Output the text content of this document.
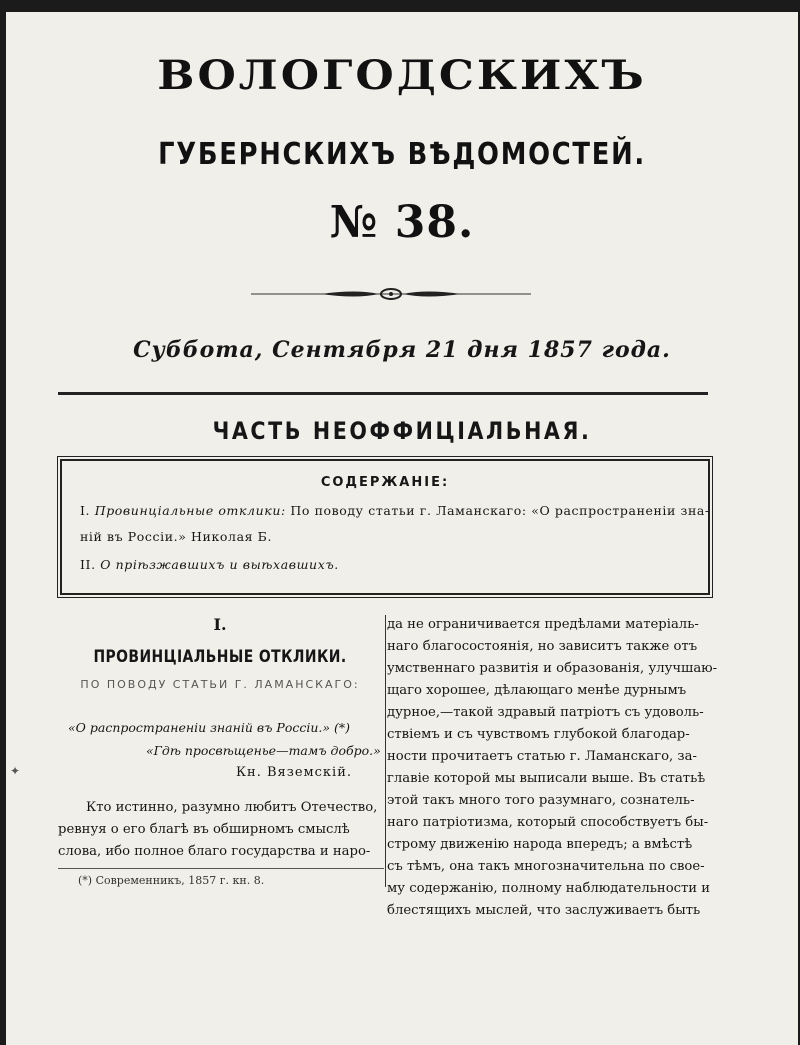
ВОЛОГОДСКИХЪ
ГУБЕРНСКИХЪ ВѢДОМОСТЕЙ.
№ 38.
Суббота, Сентября 21 дня 1857 года.
ЧАСТЬ НЕОФФИЦІАЛЬНАЯ.
СОДЕРЖАНІЕ:
I. Провинціальные отклики: По поводу статьи г. Ламанскаго: «О распространеніи зна-
ній въ Россіи.» Николая Б.
II. О пріѣзжавшихъ и выѣхавшихъ.
I.
ПРОВИНЦІАЛЬНЫЕ ОТКЛИКИ.
ПО ПОВОДУ СТАТЬИ Г. ЛАМАНСКАГО:
«О распространеніи знаній въ Россіи.» (*)
«Гдѣ просвѣщенье—тамъ добро.»
Кн. Вяземскій.
Кто истинно, разумно любитъ Отечество,
ревнуя о его благѣ въ обширномъ смыслѣ
слова, ибо полное благо государства и наро-
да не ограничивается предѣлами матеріаль-
наго благосостоянія, но зависитъ также отъ
умственнаго развитія и образованія, улучшаю-
щаго хорошее, дѣлающаго менѣе дурнымъ
дурное,—такой здравый патріотъ съ удоволь-
ствіемъ и съ чувствомъ глубокой благодар-
ности прочитаетъ статью г. Ламанскаго, за-
главіе которой мы выписали выше. Въ статьѣ
этой такъ много того разумнаго, сознатель-
наго патріотизма, который способствуетъ бы-
строму движенію народа впередъ; а вмѣстѣ
съ тѣмъ, она такъ многозначительна по свое-
му содержанію, полному наблюдательности и
блестящихъ мыслей, что заслуживаетъ быть
(*) Современникъ, 1857 г. кн. 8.
✦
